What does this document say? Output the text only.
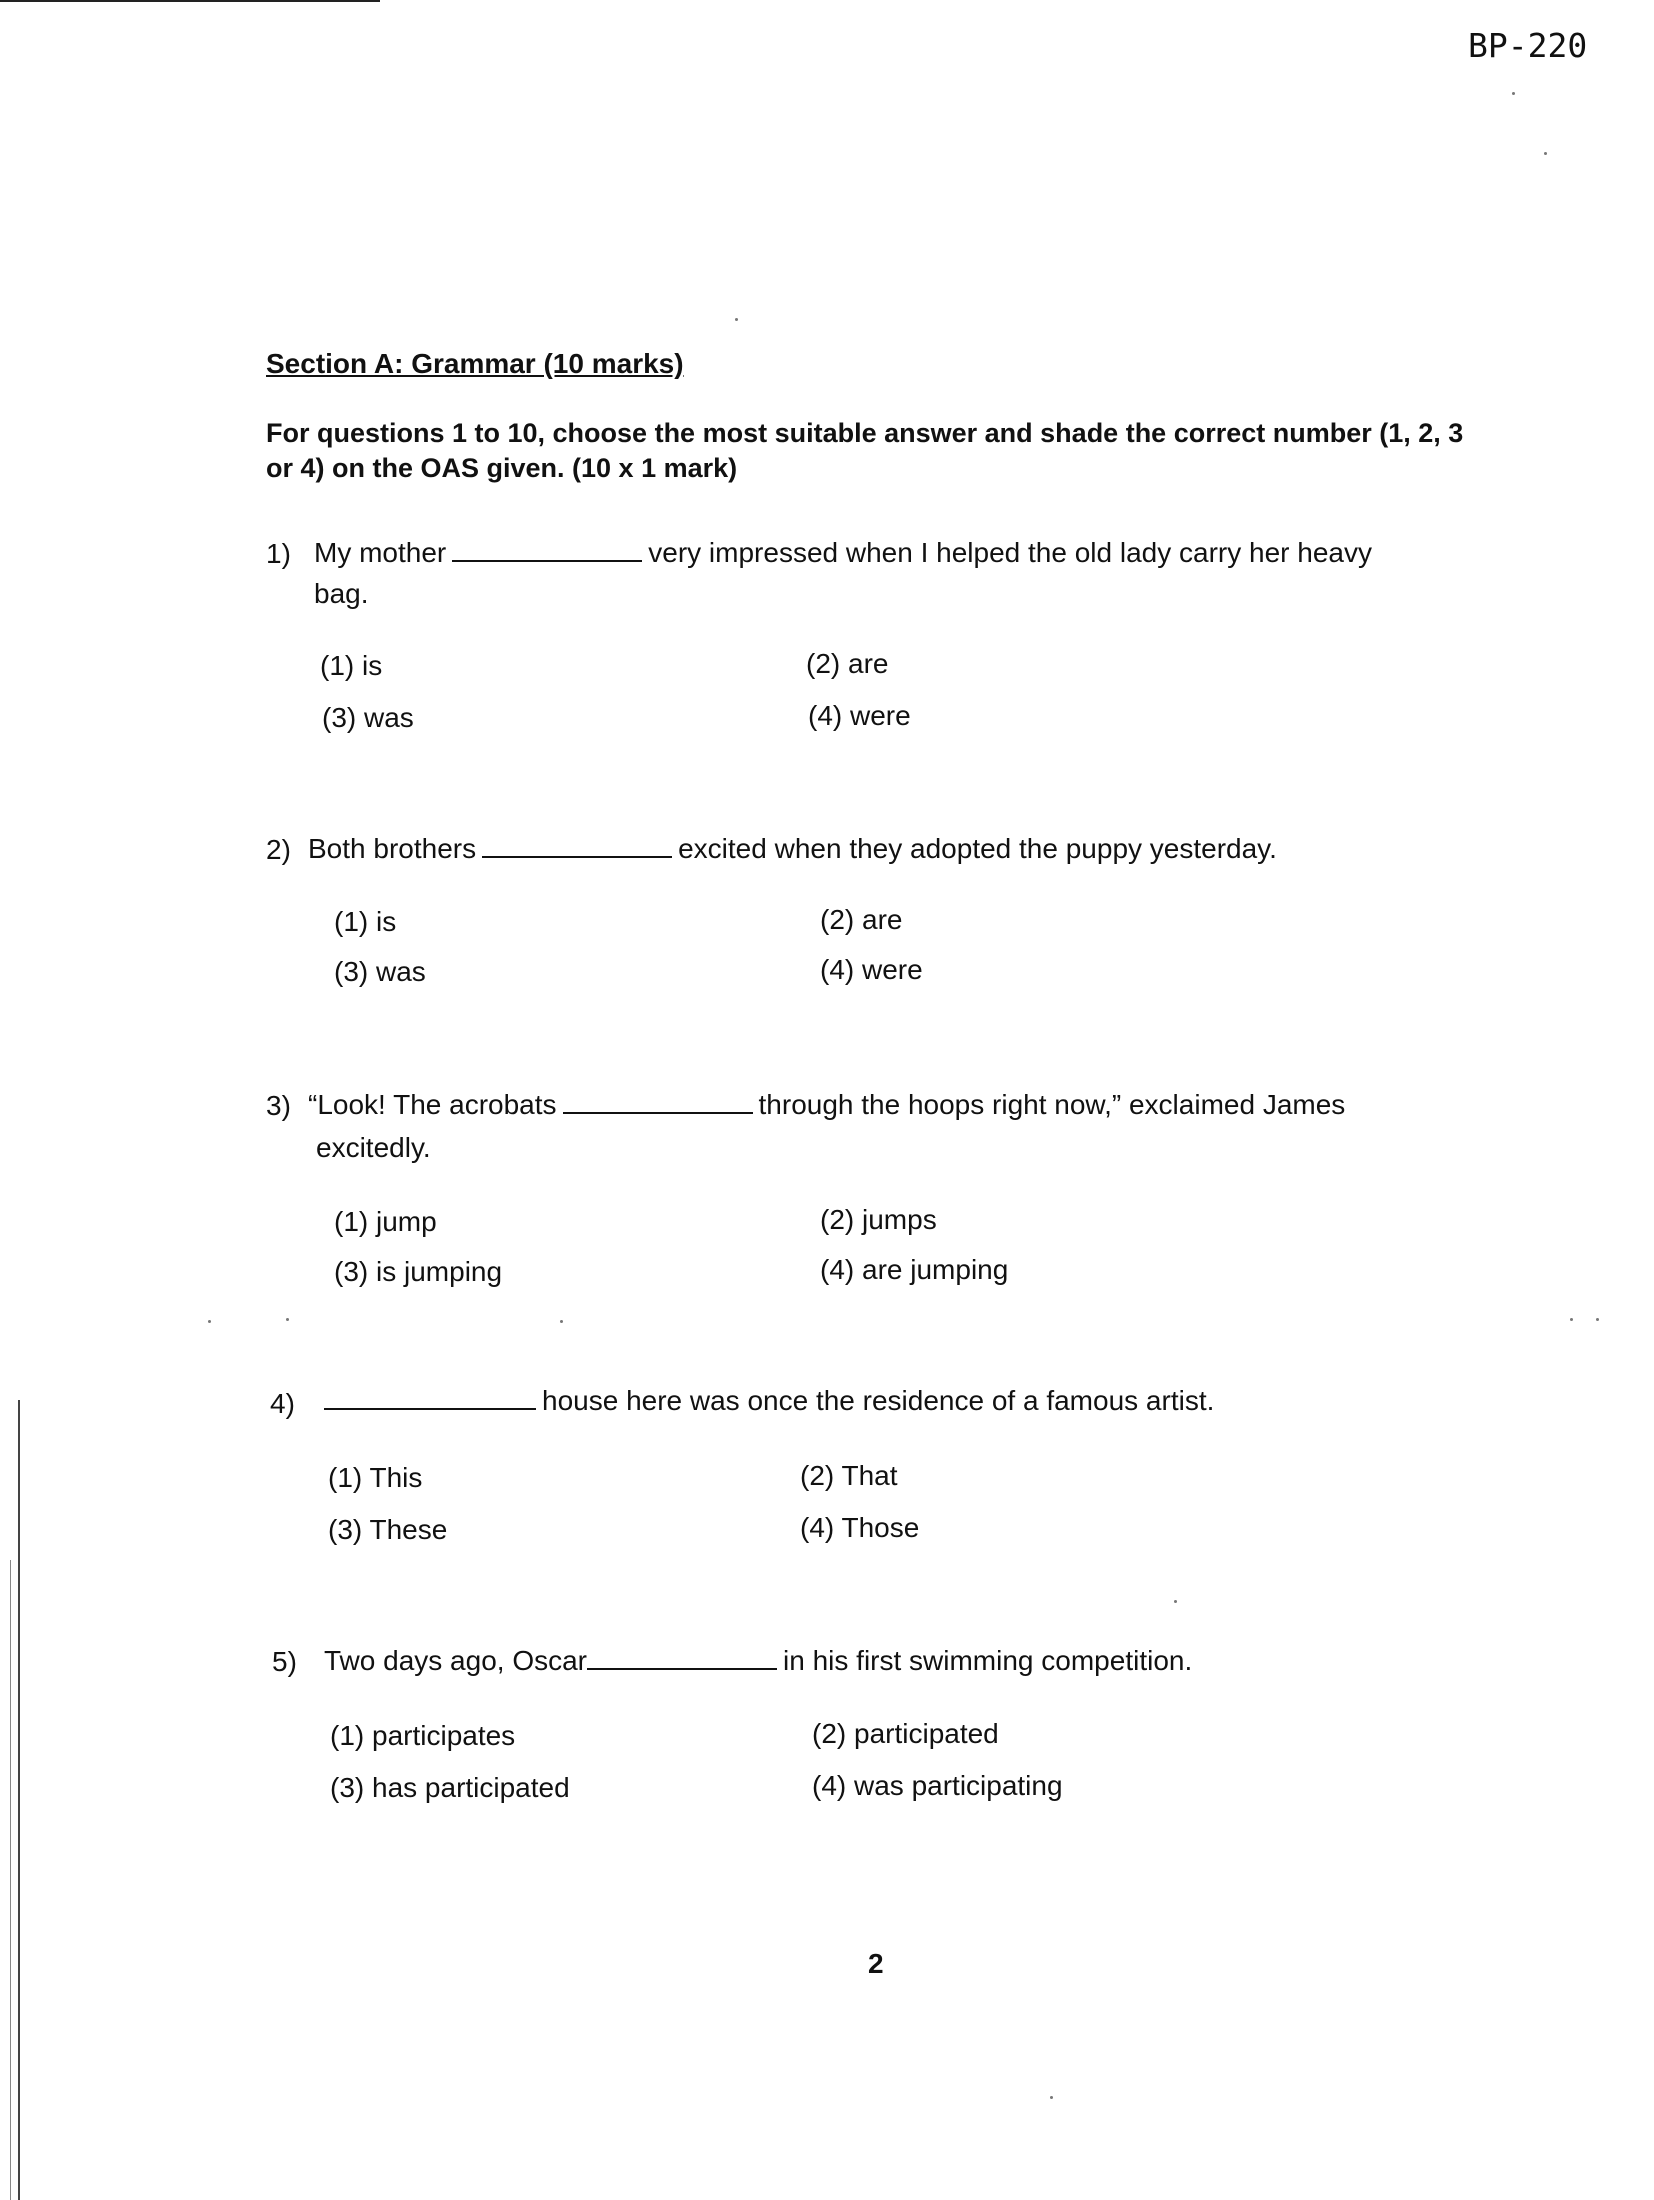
BP-220
Section A: Grammar (10 marks)
For questions 1 to 10, choose the most suitable answer and shade the correct number (1, 2, 3 or 4) on the OAS given. (10 x 1 mark)
1) My mother	very impressed when I helped the old lady carry her heavy
bag.
(1) is	(2) are
(3) was	(4) were
2) Both brothers	excited when they adopted the puppy yesterday.
(1) is	(2) are
(3) was	(4) were
3) “Look! The acrobats	through the hoops right now,” exclaimed James
excitedly.
(1) jump	(2) jumps
(3) is jumping	(4) are jumping
4)	house here was once the residence of a famous artist.
(1) This	(2) That
(3) These	(4) Those
5) Two days ago, Oscar	in his first swimming competition.
(1) participates	(2) participated
(3) has participated	(4) was participating
2
